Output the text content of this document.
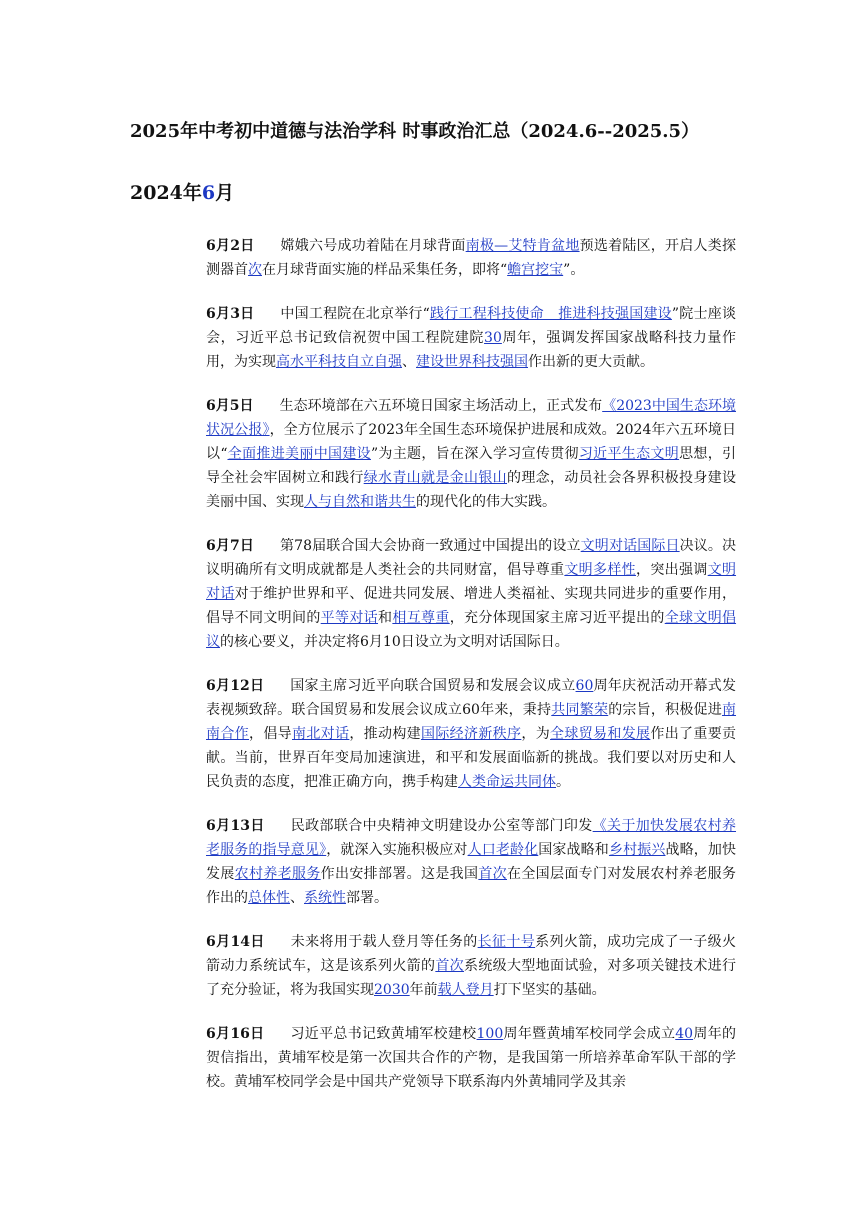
2025年中考初中道德与法治学科 时事政治汇总（2024.6--2025.5）
2024年6月

6月2日 嫦娥六号成功着陆在月球背面南极—艾特肯盆地预选着陆区，开启人类探测器首次在月球背面实施的样品采集任务，即将“蟾宫挖宝”。

6月3日 中国工程院在北京举行“践行工程科技使命　推进科技强国建设”院士座谈会，习近平总书记致信祝贺中国工程院建院30周年，强调发挥国家战略科技力量作用，为实现高水平科技自立自强、建设世界科技强国作出新的更大贡献。

6月5日 生态环境部在六五环境日国家主场活动上，正式发布《2023中国生态环境状况公报》，全方位展示了2023年全国生态环境保护进展和成效。2024年六五环境日以“全面推进美丽中国建设”为主题，旨在深入学习宣传贯彻习近平生态文明思想，引导全社会牢固树立和践行绿水青山就是金山银山的理念，动员社会各界积极投身建设美丽中国、实现人与自然和谐共生的现代化的伟大实践。

6月7日 第78届联合国大会协商一致通过中国提出的设立文明对话国际日决议。决议明确所有文明成就都是人类社会的共同财富，倡导尊重文明多样性，突出强调文明对话对于维护世界和平、促进共同发展、增进人类福祉、实现共同进步的重要作用，倡导不同文明间的平等对话和相互尊重，充分体现国家主席习近平提出的全球文明倡议的核心要义，并决定将6月10日设立为文明对话国际日。

6月12日 国家主席习近平向联合国贸易和发展会议成立60周年庆祝活动开幕式发表视频致辞。联合国贸易和发展会议成立60年来，秉持共同繁荣的宗旨，积极促进南南合作，倡导南北对话，推动构建国际经济新秩序，为全球贸易和发展作出了重要贡献。当前，世界百年变局加速演进，和平和发展面临新的挑战。我们要以对历史和人民负责的态度，把准正确方向，携手构建人类命运共同体。

6月13日 民政部联合中央精神文明建设办公室等部门印发《关于加快发展农村养老服务的指导意见》，就深入实施积极应对人口老龄化国家战略和乡村振兴战略，加快发展农村养老服务作出安排部署。这是我国首次在全国层面专门对发展农村养老服务作出的总体性、系统性部署。

6月14日 未来将用于载人登月等任务的长征十号系列火箭，成功完成了一子级火箭动力系统试车，这是该系列火箭的首次系统级大型地面试验，对多项关键技术进行了充分验证，将为我国实现2030年前载人登月打下坚实的基础。

6月16日 习近平总书记致黄埔军校建校100周年暨黄埔军校同学会成立40周年的贺信指出，黄埔军校是第一次国共合作的产物，是我国第一所培养革命军队干部的学校。黄埔军校同学会是中国共产党领导下联系海内外黄埔同学及其亲
